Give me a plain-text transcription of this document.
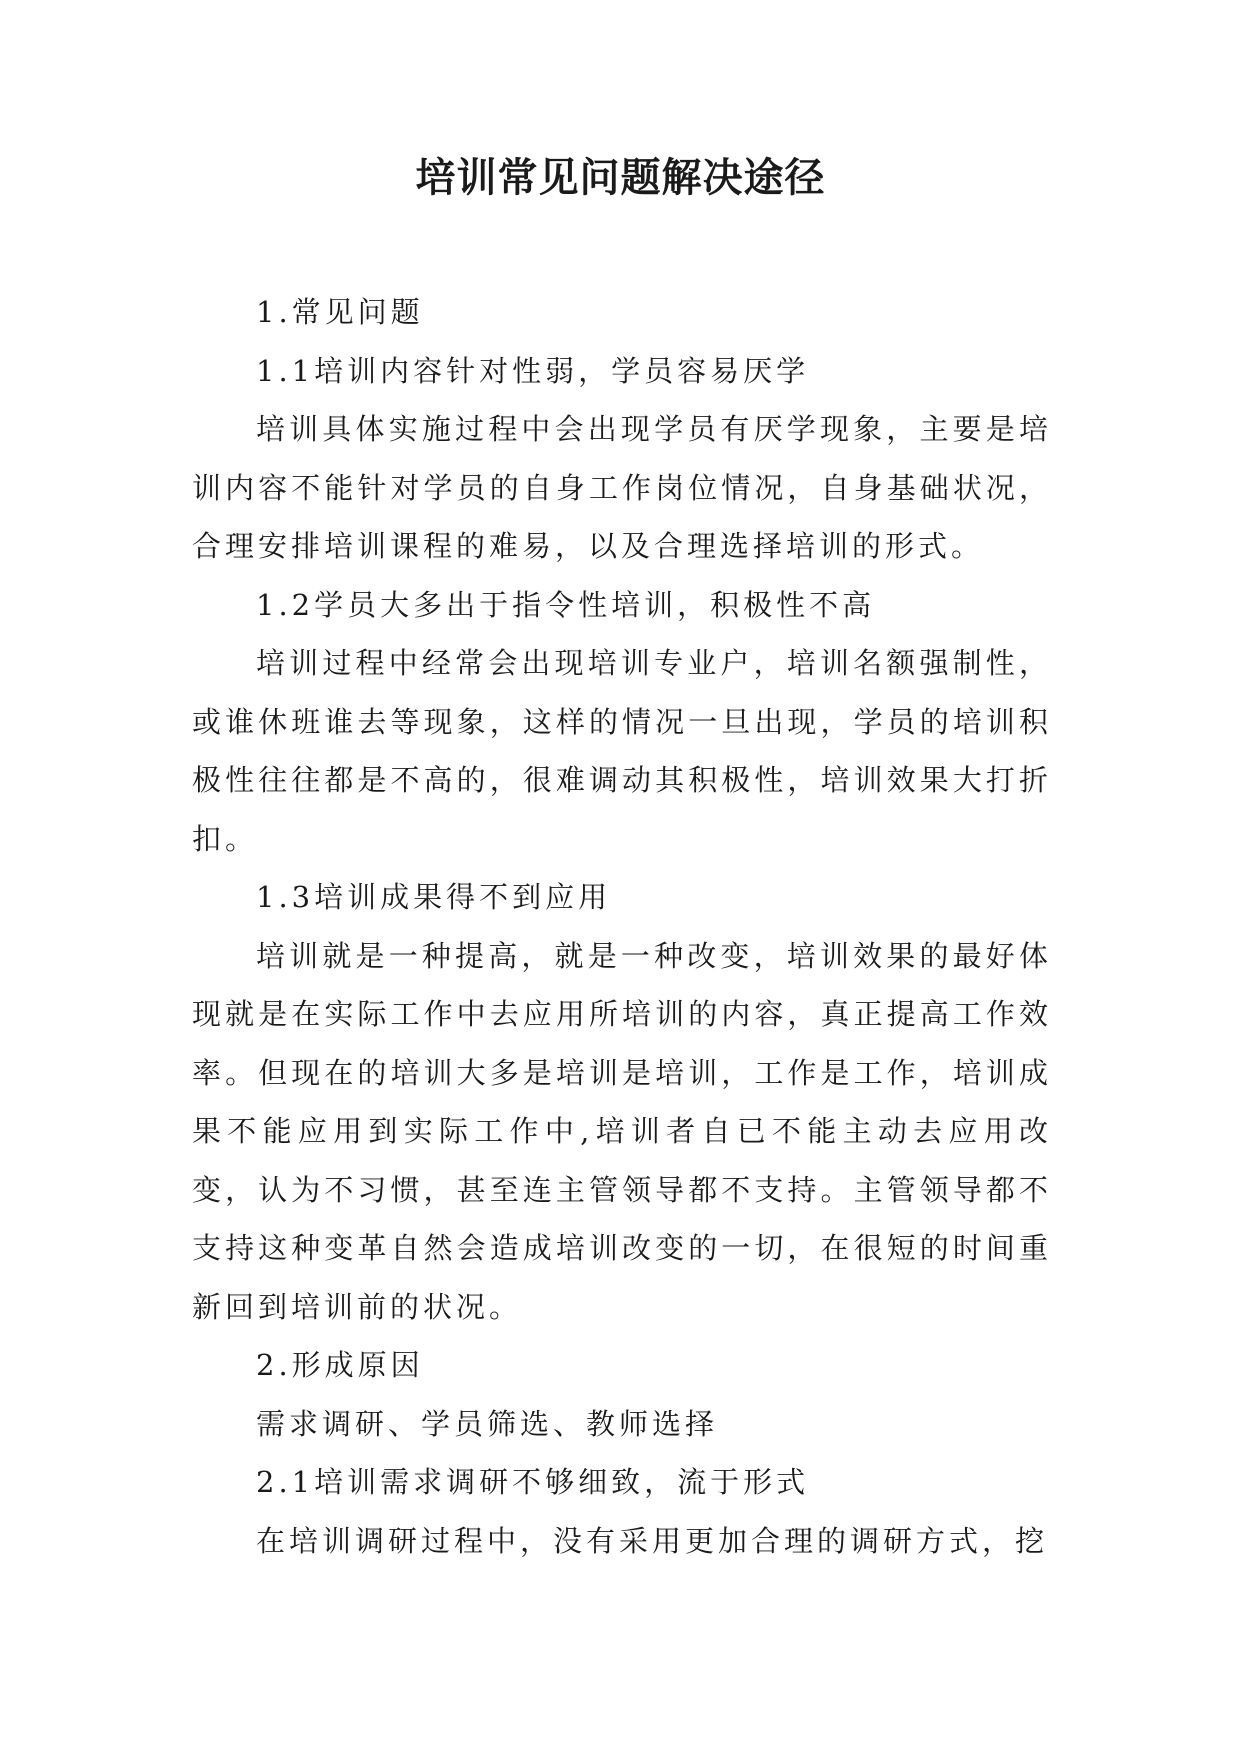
培训常见问题解决途径

1.常见问题

1.1培训内容针对性弱，学员容易厌学

培训具体实施过程中会出现学员有厌学现象，主要是培训内容不能针对学员的自身工作岗位情况，自身基础状况，合理安排培训课程的难易，以及合理选择培训的形式。

1.2学员大多出于指令性培训，积极性不高

培训过程中经常会出现培训专业户，培训名额强制性，或谁休班谁去等现象，这样的情况一旦出现，学员的培训积极性往往都是不高的，很难调动其积极性，培训效果大打折扣。

1.3培训成果得不到应用

培训就是一种提高，就是一种改变，培训效果的最好体现就是在实际工作中去应用所培训的内容，真正提高工作效率。但现在的培训大多是培训是培训，工作是工作，培训成果不能应用到实际工作中,培训者自已不能主动去应用改变，认为不习惯，甚至连主管领导都不支持。主管领导都不支持这种变革自然会造成培训改变的一切，在很短的时间重新回到培训前的状况。

2.形成原因

需求调研、学员筛选、教师选择

2.1培训需求调研不够细致，流于形式

在培训调研过程中，没有采用更加合理的调研方式，挖
